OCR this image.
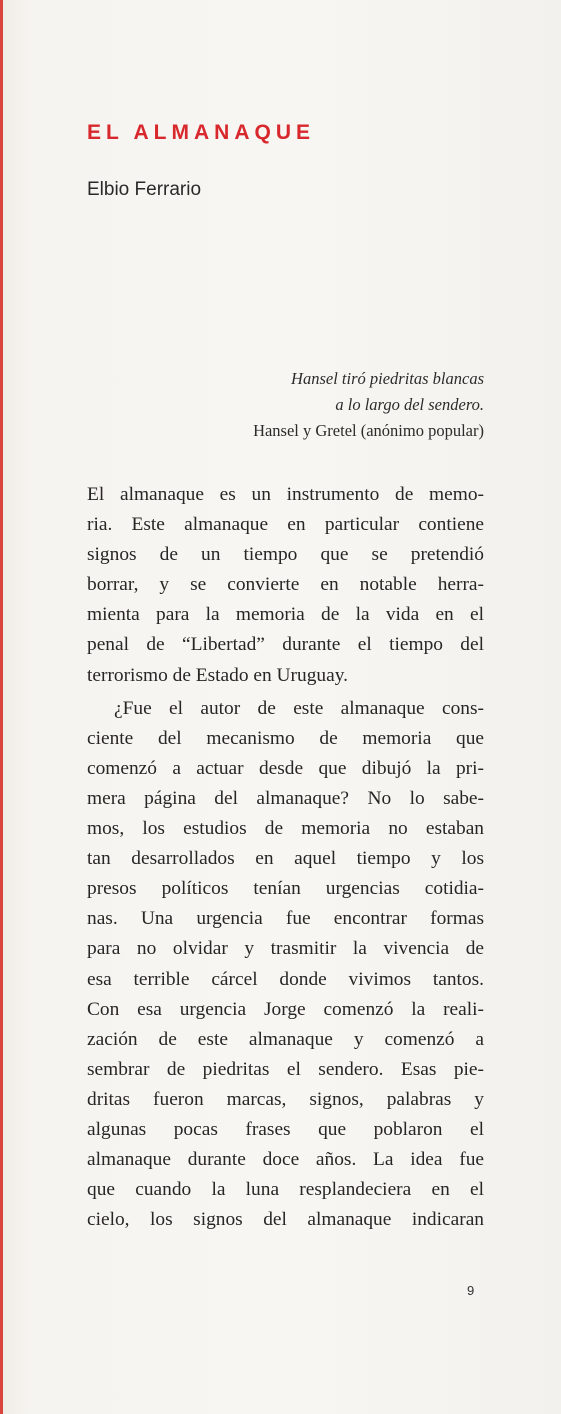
EL ALMANAQUE
Elbio Ferrario
Hansel tiró piedritas blancas
a lo largo del sendero.
Hansel y Gretel (anónimo popular)

El almanaque es un instrumento de memo-
ria. Este almanaque en particular contiene
signos de un tiempo que se pretendió
borrar, y se convierte en notable herra-
mienta para la memoria de la vida en el
penal de “Libertad” durante el tiempo del
terrorismo de Estado en Uruguay.

¿Fue el autor de este almanaque cons-
ciente del mecanismo de memoria que
comenzó a actuar desde que dibujó la pri-
mera página del almanaque? No lo sabe-
mos, los estudios de memoria no estaban
tan desarrollados en aquel tiempo y los
presos políticos tenían urgencias cotidia-
nas. Una urgencia fue encontrar formas
para no olvidar y trasmitir la vivencia de
esa terrible cárcel donde vivimos tantos.
Con esa urgencia Jorge comenzó la reali-
zación de este almanaque y comenzó a
sembrar de piedritas el sendero. Esas pie-
dritas fueron marcas, signos, palabras y
algunas pocas frases que poblaron el
almanaque durante doce años. La idea fue
que cuando la luna resplandeciera en el
cielo, los signos del almanaque indicaran

9
